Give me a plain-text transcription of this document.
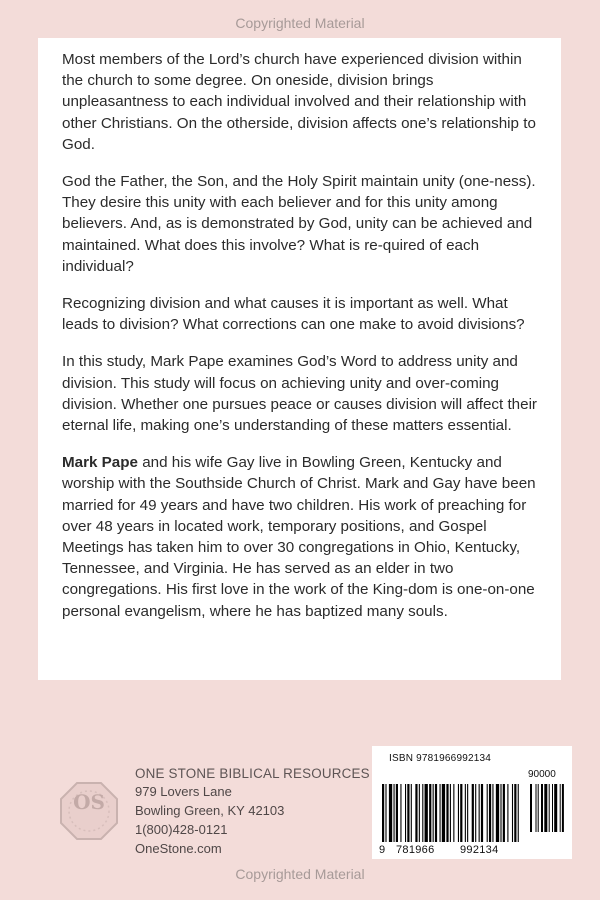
Copyrighted Material

Most members of the Lord’s church have experienced division within the church to some degree. On oneside, division brings unpleasantness to each individual involved and their relationship with other Christians. On the otherside, division affects one’s relationship to God.

God the Father, the Son, and the Holy Spirit maintain unity (one-ness). They desire this unity with each believer and for this unity among believers. And, as is demonstrated by God, unity can be achieved and maintained. What does this involve? What is re-quired of each individual?

Recognizing division and what causes it is important as well. What leads to division? What corrections can one make to avoid divisions?

In this study, Mark Pape examines God’s Word to address unity and division. This study will focus on achieving unity and over-coming division. Whether one pursues peace or causes division will affect their eternal life, making one’s understanding of these matters essential.

Mark Pape and his wife Gay live in Bowling Green, Kentucky and worship with the Southside Church of Christ. Mark and Gay have been married for 49 years and have two children. His work of preaching for over 48 years in located work, temporary positions, and Gospel Meetings has taken him to over 30 congregations in Ohio, Kentucky, Tennessee, and Virginia. He has served as an elder in two congregations. His first love in the work of the King-dom is one-on-one personal evangelism, where he has baptized many souls.

OS
ONE STONE BIBLICAL RESOURCES
979 Lovers Lane
Bowling Green, KY 42103
1(800)428-0121
OneStone.com
ISBN 9781966992134
90000
9 781966 992134
Copyrighted Material
